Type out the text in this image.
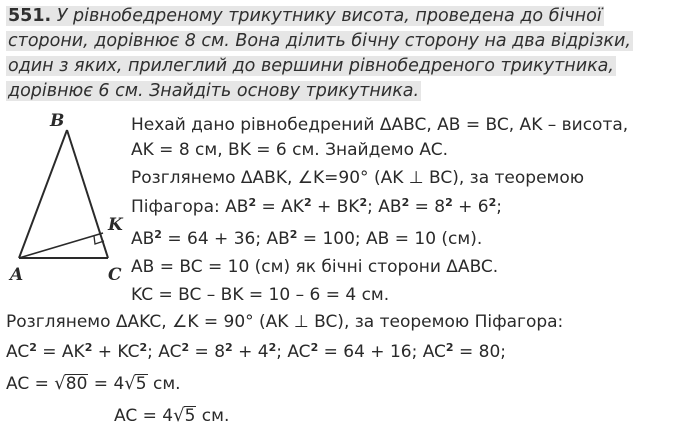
551. У рівнобедреному трикутнику висота, проведена до бічної
сторони, дорівнює 8 см. Вона ділить бічну сторону на два відрізки,
один з яких, прилеглий до вершини рівнобедреного трикутника,
дорівнює 6 см. Знайдіть основу трикутника.
B
K
A	C
Нехай дано рівнобедрений ΔABC, AB = BC, AK – висота,
AK = 8 см, BK = 6 см. Знайдемо AC.
Розглянемо ΔABK, ∠K=90° (AK ⊥ BC), за теоремою
Піфагора: $AB^2 = AK^2 + BK^2$; $AB^2 = 8^2 + 6^2$;
$AB^2 = 64 + 36$; $AB^2 = 100$; AB = 10 (см).
AB = BC = 10 (см) як бічні сторони ΔABC.
KC = BC – BK = 10 – 6 = 4 см.
Розглянемо ΔAKC, ∠K = 90° (AK ⊥ BC), за теоремою Піфагора:
$AC^2 = AK^2 + KC^2$; $AC^2 = 8^2 + 4^2$; $AC^2 = 64 + 16$; $AC^2 = 80$;
AC = √80 = 4√5 см.
AC = 4√5 см.
